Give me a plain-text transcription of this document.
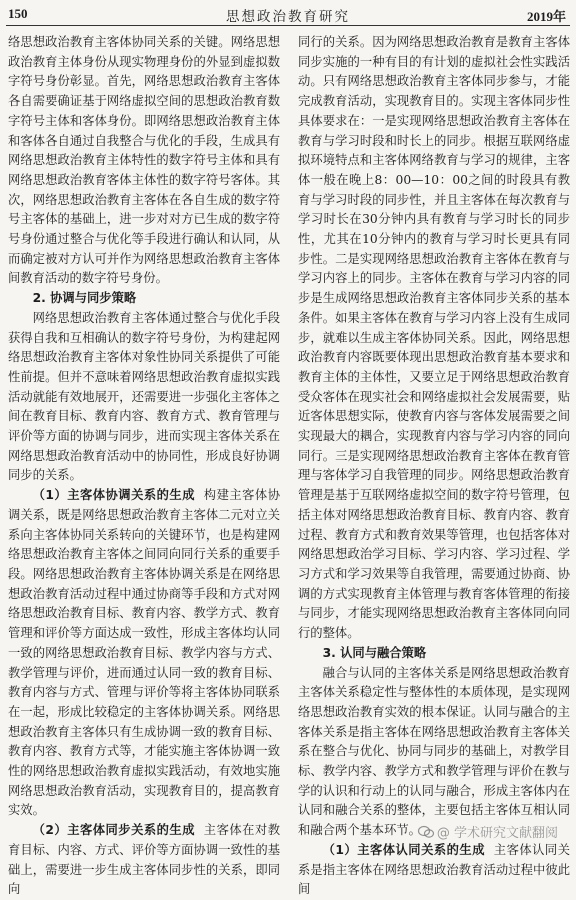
150	思想政治教育研究	2019年

络思想政治教育主客体协同关系的关键。网络思想政治教育主体身份从现实物理身份的外显到虚拟数字符号身份彰显。首先，网络思想政治教育主客体各自需要确证基于网络虚拟空间的思想政治教育数字符号主体和客体身份。即网络思想政治教育主体和客体各自通过自我整合与优化的手段，生成具有网络思想政治教育主体特性的数字符号主体和具有网络思想政治教育客体主体性的数字符号客体。其次，网络思想政治教育主客体在各自生成的数字符号主客体的基础上，进一步对对方已生成的数字符号身份通过整合与优化等手段进行确认和认同，从而确定被对方认可并作为网络思想政治教育主客体间教育活动的数字符号身份。

2. 协调与同步策略

网络思想政治教育主客体通过整合与优化手段获得自我和互相确认的数字符号身份，为构建起网络思想政治教育主客体对象性协同关系提供了可能性前提。但并不意味着网络思想政治教育虚拟实践活动就能有效地展开，还需要进一步强化主客体之间在教育目标、教育内容、教育方式、教育管理与评价等方面的协调与同步，进而实现主客体关系在网络思想政治教育活动中的协同性，形成良好协调同步的关系。

（1）主客体协调关系的生成 构建主客体协调关系，既是网络思想政治教育主客体二元对立关系向主客体协同关系转向的关键环节，也是构建网络思想政治教育主客体之间同向同行关系的重要手段。网络思想政治教育主客体协调关系是在网络思想政治教育活动过程中通过协商等手段和方式对网络思想政治教育目标、教育内容、教学方式、教育管理和评价等方面达成一致性，形成主客体均认同一致的网络思想政治教育目标、教学内容与方式、教学管理与评价，进而通过认同一致的教育目标、教育内容与方式、管理与评价等将主客体协同联系在一起，形成比较稳定的主客体协调关系。网络思想政治教育主客体只有生成协调一致的教育目标、教育内容、教育方式等，才能实施主客体协调一致性的网络思想政治教育虚拟实践活动，有效地实施网络思想政治教育活动，实现教育目的，提高教育实效。

（2）主客体同步关系的生成 主客体在对教育目标、内容、方式、评价等方面协调一致性的基础上，需要进一步生成主客体同步性的关系，即同向

同行的关系。因为网络思想政治教育是教育主客体同步实施的一种有目的有计划的虚拟社会性实践活动。只有网络思想政治教育主客体同步参与，才能完成教育活动，实现教育目的。实现主客体同步性具体要求在：一是实现网络思想政治教育主客体在教育与学习时段和时长上的同步。根据互联网络虚拟环境特点和主客体网络教育与学习的规律，主客体一般在晚上8：00—10：00之间的时段具有教育与学习时段的同步性，并且主客体在每次教育与学习时长在30分钟内具有教育与学习时长的同步性，尤其在10分钟内的教育与学习时长更具有同步性。二是实现网络思想政治教育主客体在教育与学习内容上的同步。主客体在教育与学习内容的同步是生成网络思想政治教育主客体同步关系的基本条件。如果主客体在教育与学习内容上没有生成同步，就难以生成主客体协同关系。因此，网络思想政治教育内容既要体现出思想政治教育基本要求和教育主体的主体性，又要立足于网络思想政治教育受众客体在现实社会和网络虚拟社会发展需要，贴近客体思想实际，使教育内容与客体发展需要之间实现最大的耦合，实现教育内容与学习内容的同向同行。三是实现网络思想政治教育主客体在教育管理与客体学习自我管理的同步。网络思想政治教育管理是基于互联网络虚拟空间的数字符号管理，包括主体对网络思想政治教育目标、教育内容、教育过程、教育方式和教育效果等管理，也包括客体对网络思想政治学习目标、学习内容、学习过程、学习方式和学习效果等自我管理，需要通过协商、协调的方式实现教育主体管理与教育客体管理的衔接与同步，才能实现网络思想政治教育主客体同向同行的整体。

3. 认同与融合策略

融合与认同的主客体关系是网络思想政治教育主客体关系稳定性与整体性的本质体现，是实现网络思想政治教育实效的根本保证。认同与融合的主客体关系是指主客体在网络思想政治教育主客体关系在整合与优化、协同与同步的基础上，对教学目标、教学内容、教学方式和教学管理与评价在教与学的认识和行动上的认同与融合，形成主客体内在认同和融合关系的整体，主要包括主客体互相认同和融合两个基本环节。

（1）主客体认同关系的生成 主客体认同关系是指主客体在网络思想政治教育活动过程中彼此间

@ 学术研究文献翻阅
